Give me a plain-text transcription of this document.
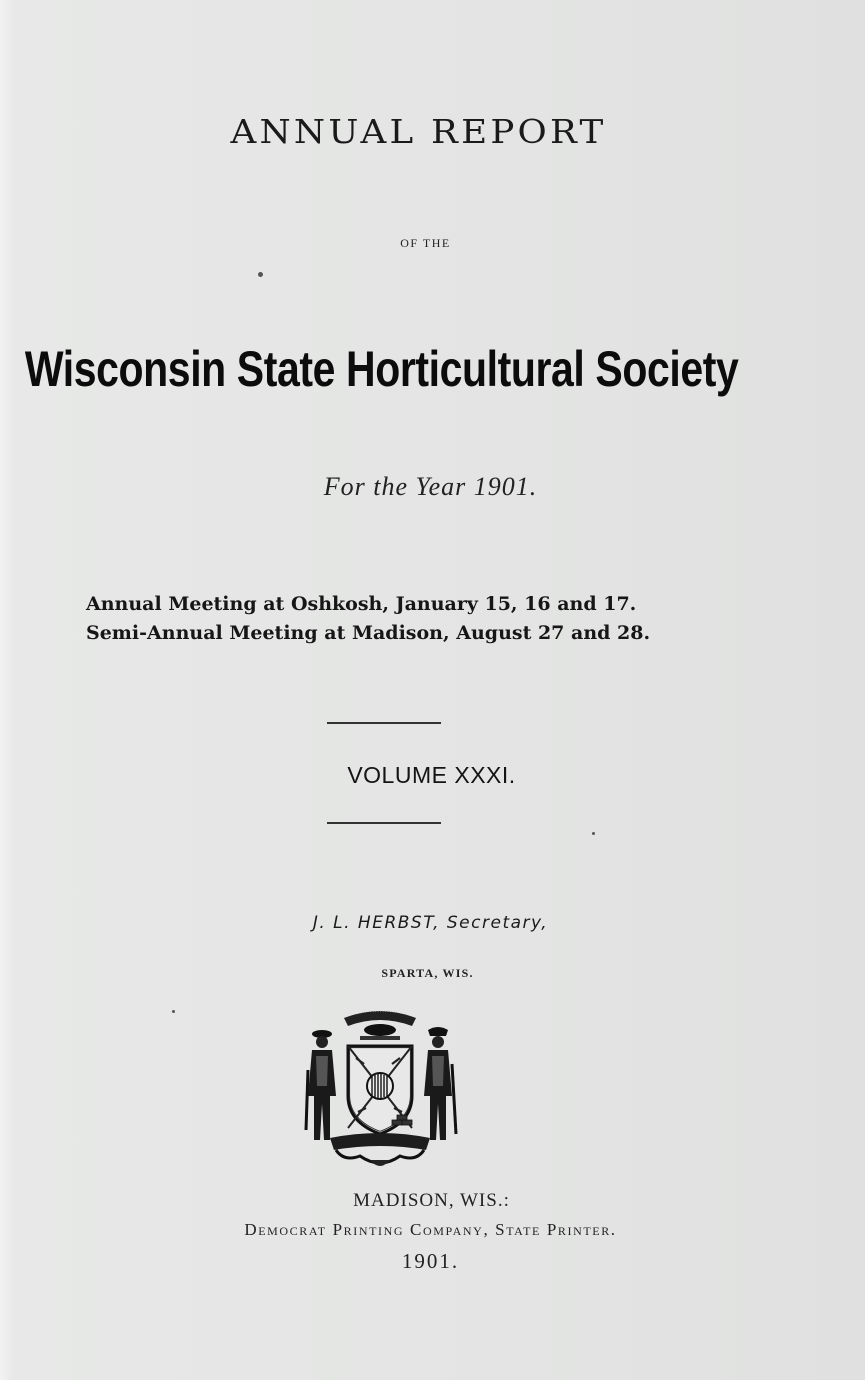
ANNUAL REPORT
OF THE
Wisconsin State Horticultural Society
For the Year 1901.
Annual Meeting at Oshkosh, January 15, 16 and 17.
Semi-Annual Meeting at Madison, August 27 and 28.
VOLUME XXXI.
J. L. HERBST, Secretary,
SPARTA, WIS.
MADISON, WIS.:
Democrat Printing Company, State Printer.
1901.
